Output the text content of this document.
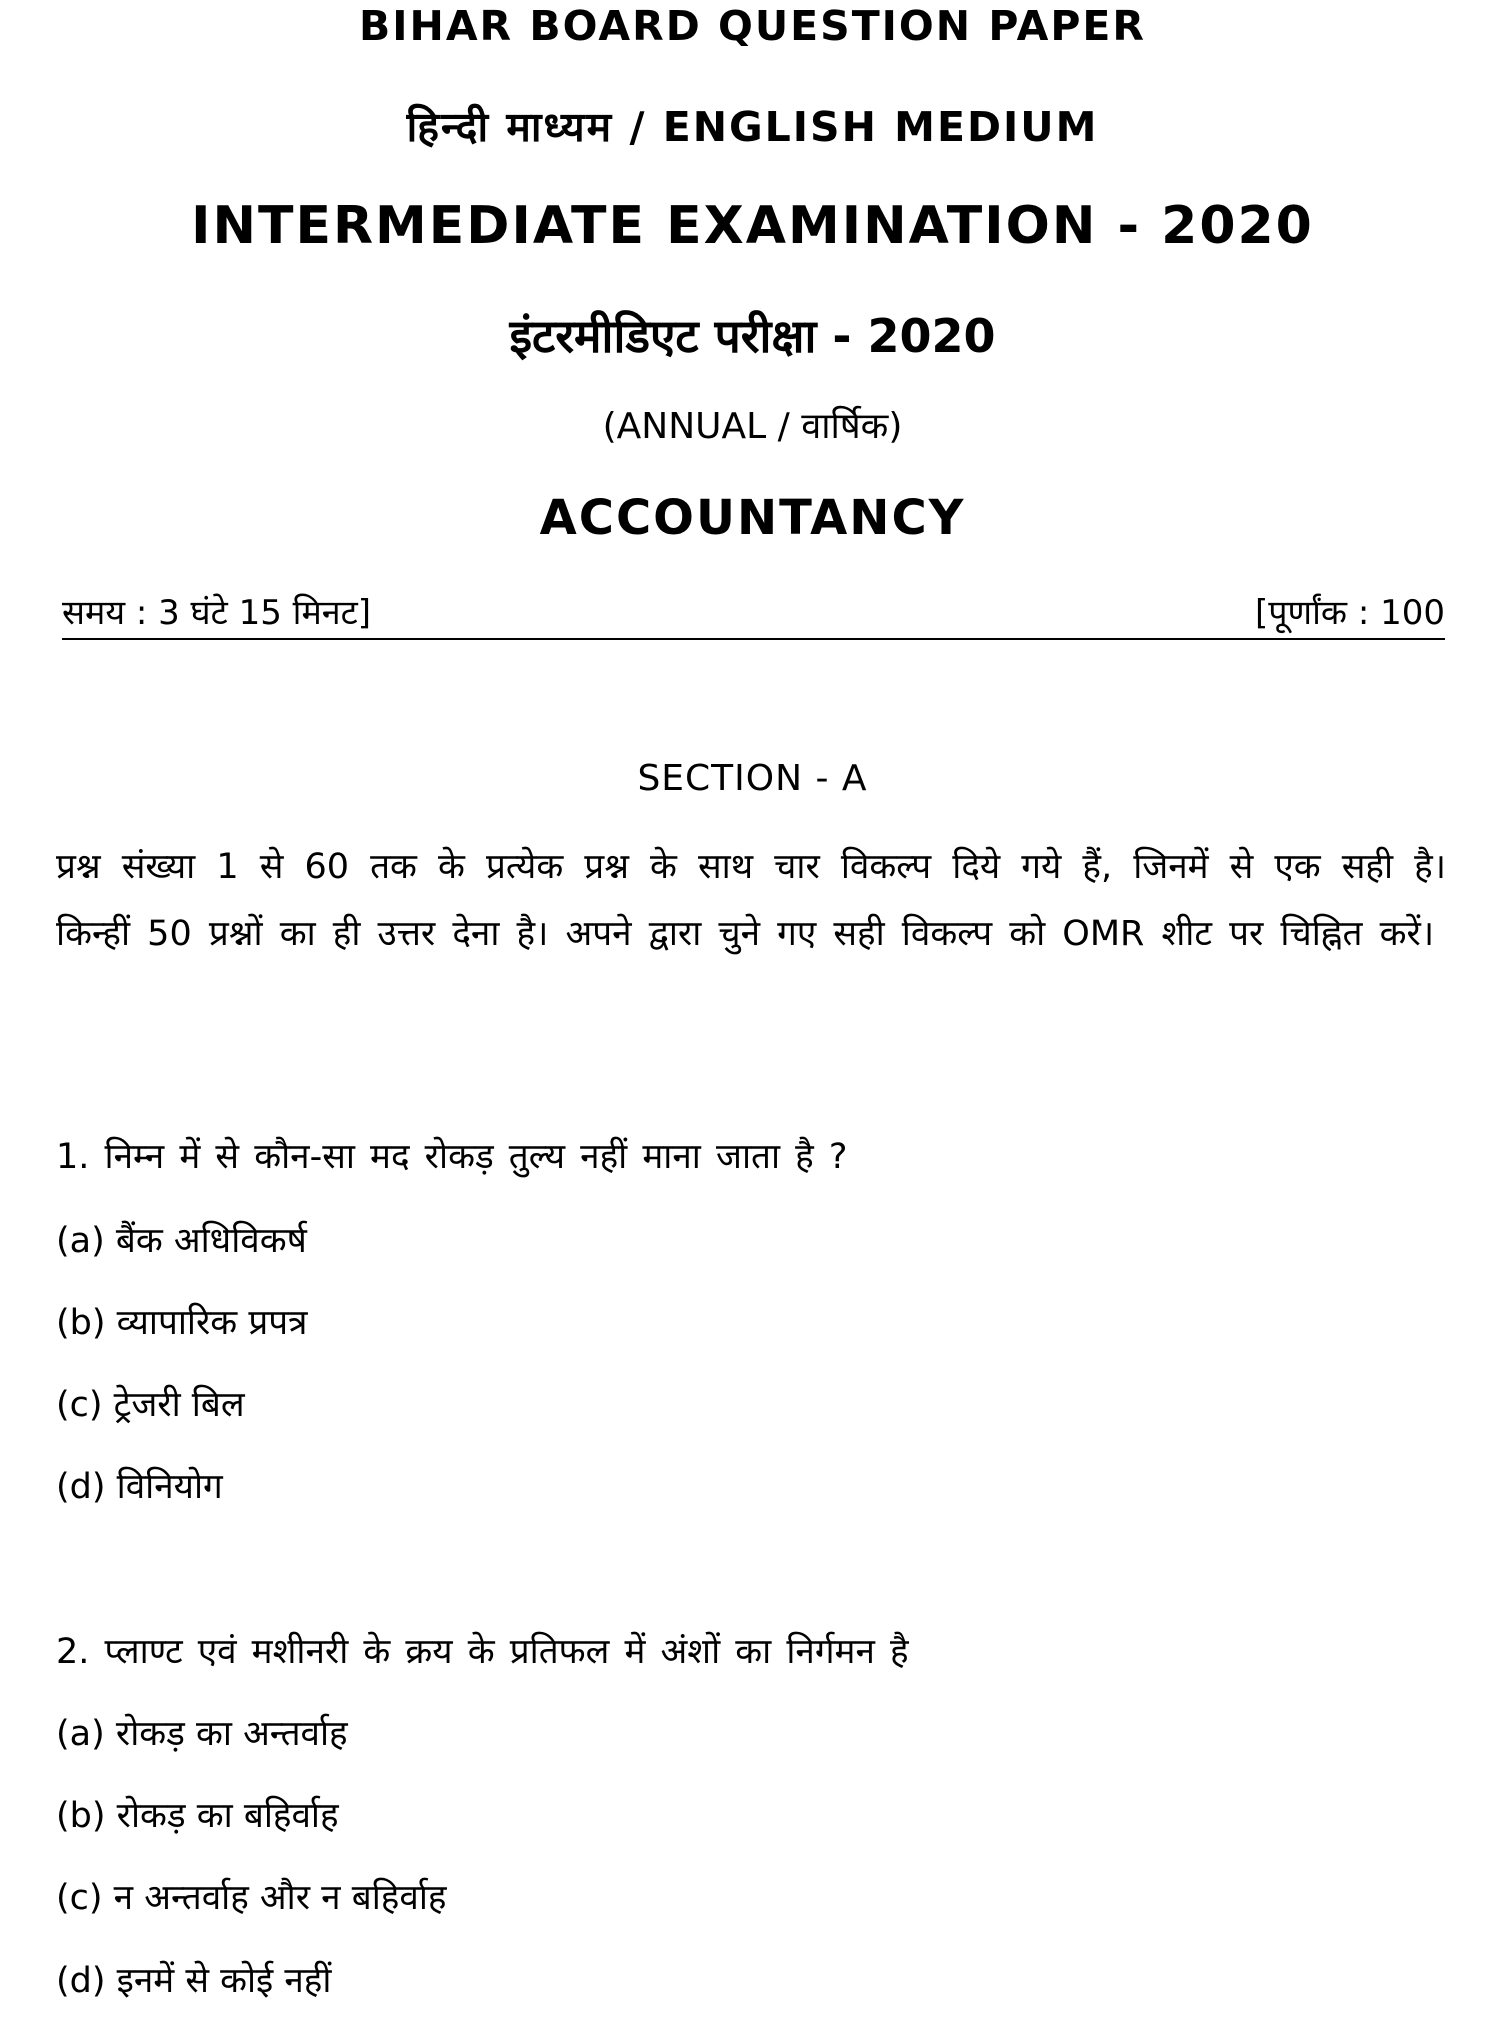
BIHAR BOARD QUESTION PAPER
हिन्दी माध्यम / ENGLISH MEDIUM
INTERMEDIATE EXAMINATION - 2020
इंटरमीडिएट परीक्षा - 2020
(ANNUAL / वार्षिक)
ACCOUNTANCY
समय : 3 घंटे 15 मिनट]	[पूर्णांक : 100
SECTION - A
प्रश्न संख्या 1 से 60 तक के प्रत्येक प्रश्न के साथ चार विकल्प दिये गये हैं, जिनमें से एक सही है। किन्हीं 50 प्रश्नों का ही उत्तर देना है। अपने द्वारा चुने गए सही विकल्प को OMR शीट पर चिह्नित करें।
1. निम्न में से कौन-सा मद रोकड़ तुल्य नहीं माना जाता है ?
(a) बैंक अधिविकर्ष
(b) व्यापारिक प्रपत्र
(c) ट्रेजरी बिल
(d) विनियोग
2. प्लाण्ट एवं मशीनरी के क्रय के प्रतिफल में अंशों का निर्गमन है
(a) रोकड़ का अन्तर्वाह
(b) रोकड़ का बहिर्वाह
(c) न अन्तर्वाह और न बहिर्वाह
(d) इनमें से कोई नहीं
